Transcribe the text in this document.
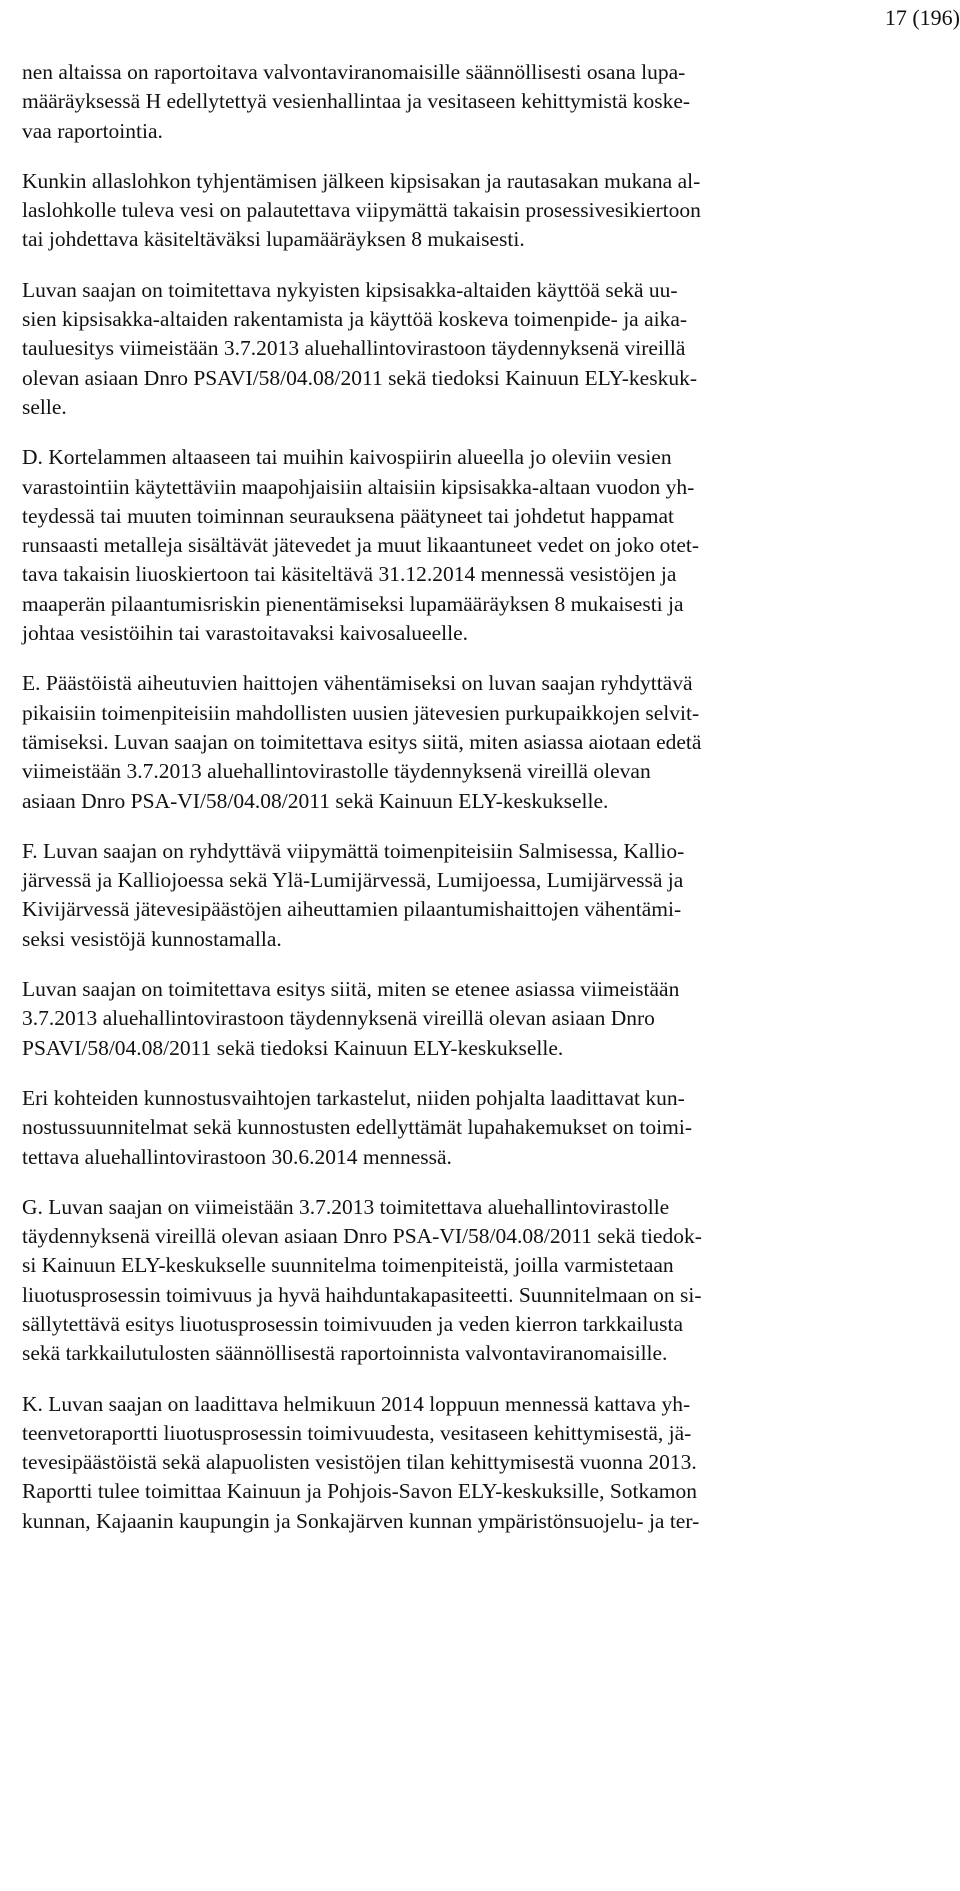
17 (196)
nen altaissa on raportoitava valvontaviranomaisille säännöllisesti osana lupa-
määräyksessä H edellytettyä vesienhallintaa ja vesitaseen kehittymistä koske-
vaa raportointia.
Kunkin allaslohkon tyhjentämisen jälkeen kipsisakan ja rautasakan mukana al-
laslohkolle tuleva vesi on palautettava viipymättä takaisin prosessivesikiertoon
tai johdettava käsiteltäväksi lupamääräyksen 8 mukaisesti.
Luvan saajan on toimitettava nykyisten kipsisakka-altaiden käyttöä sekä uu-
sien kipsisakka-altaiden rakentamista ja käyttöä koskeva toimenpide- ja aika-
tauluesitys viimeistään 3.7.2013 aluehallintovirastoon täydennyksenä vireillä
olevan asiaan Dnro PSAVI/58/04.08/2011 sekä tiedoksi Kainuun ELY-keskuk-
selle.
D. Kortelammen altaaseen tai muihin kaivospiirin alueella jo oleviin vesien
varastointiin käytettäviin maapohjaisiin altaisiin kipsisakka-altaan vuodon yh-
teydessä tai muuten toiminnan seurauksena päätyneet tai johdetut happamat
runsaasti metalleja sisältävät jätevedet ja muut likaantuneet vedet on joko otet-
tava takaisin liuoskiertoon tai käsiteltävä 31.12.2014 mennessä vesistöjen ja
maaperän pilaantumisriskin pienentämiseksi lupamääräyksen 8 mukaisesti ja
johtaa vesistöihin tai varastoitavaksi kaivosalueelle.
E. Päästöistä aiheutuvien haittojen vähentämiseksi on luvan saajan ryhdyttävä
pikaisiin toimenpiteisiin mahdollisten uusien jätevesien purkupaikkojen selvit-
tämiseksi. Luvan saajan on toimitettava esitys siitä, miten asiassa aiotaan edetä
viimeistään 3.7.2013 aluehallintovirastolle täydennyksenä vireillä olevan
asiaan Dnro PSA-VI/58/04.08/2011 sekä Kainuun ELY-keskukselle.
F. Luvan saajan on ryhdyttävä viipymättä toimenpiteisiin Salmisessa, Kallio-
järvessä ja Kalliojoessa sekä Ylä-Lumijärvessä, Lumijoessa, Lumijärvessä ja
Kivijärvessä jätevesipäästöjen aiheuttamien pilaantumishaittojen vähentämi-
seksi vesistöjä kunnostamalla.
Luvan saajan on toimitettava esitys siitä, miten se etenee asiassa viimeistään
3.7.2013 aluehallintovirastoon täydennyksenä vireillä olevan asiaan Dnro
PSAVI/58/04.08/2011 sekä tiedoksi Kainuun ELY-keskukselle.
Eri kohteiden kunnostusvaihtojen tarkastelut, niiden pohjalta laadittavat kun-
nostussuunnitelmat sekä kunnostusten edellyttämät lupahakemukset on toimi-
tettava aluehallintovirastoon 30.6.2014 mennessä.
G. Luvan saajan on viimeistään 3.7.2013 toimitettava aluehallintovirastolle
täydennyksenä vireillä olevan asiaan Dnro PSA-VI/58/04.08/2011 sekä tiedok-
si Kainuun ELY-keskukselle suunnitelma toimenpiteistä, joilla varmistetaan
liuotusprosessin toimivuus ja hyvä haihduntakapasiteetti. Suunnitelmaan on si-
sällytettävä esitys liuotusprosessin toimivuuden ja veden kierron tarkkailusta
sekä tarkkailutulosten säännöllisestä raportoinnista valvontaviranomaisille.
K. Luvan saajan on laadittava helmikuun 2014 loppuun mennessä kattava yh-
teenvetoraportti liuotusprosessin toimivuudesta, vesitaseen kehittymisestä, jä-
tevesipäästöistä sekä alapuolisten vesistöjen tilan kehittymisestä vuonna 2013.
Raportti tulee toimittaa Kainuun ja Pohjois-Savon ELY-keskuksille, Sotkamon
kunnan, Kajaanin kaupungin ja Sonkajärven kunnan ympäristönsuojelu- ja ter-
